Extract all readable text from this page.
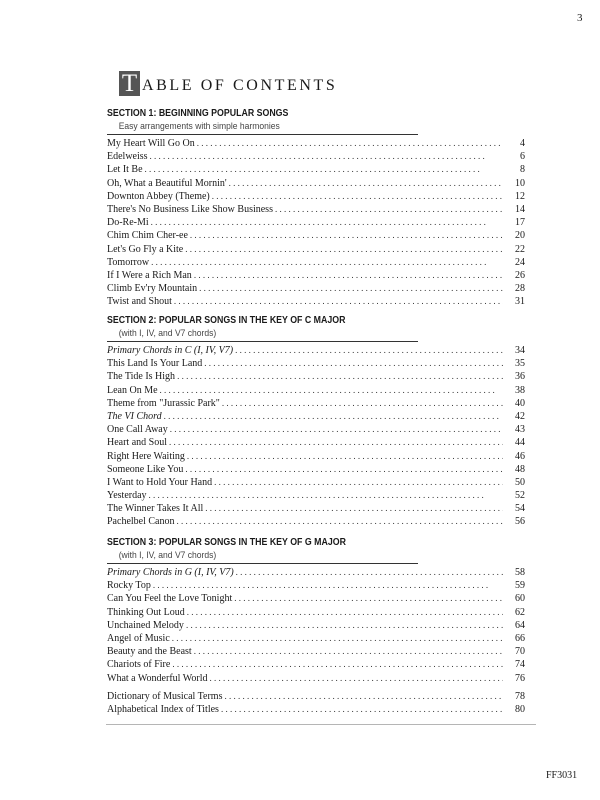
3
T ABLE OF CONTENTS
SECTION 1: BEGINNING POPULAR SONGS
Easy arrangements with simple harmonies
My Heart Will Go On . . .	4
Edelweiss . . .	6
Let It Be . . .	8
Oh, What a Beautiful Mornin' . . .	10
Downton Abbey (Theme) . . .	12
There's No Business Like Show Business . . .	14
Do-Re-Mi . . .	17
Chim Chim Cher-ee . . .	20
Let's Go Fly a Kite . . .	22
Tomorrow . . .	24
If I Were a Rich Man . . .	26
Climb Ev'ry Mountain . . .	28
Twist and Shout . . .	31
SECTION 2: POPULAR SONGS IN THE KEY OF C MAJOR
(with I, IV, and V7 chords)
Primary Chords in C (I, IV, V7) . . .	34
This Land Is Your Land . . .	35
The Tide Is High . . .	36
Lean On Me . . .	38
Theme from "Jurassic Park" . . .	40
The VI Chord . . .	42
One Call Away . . .	43
Heart and Soul . . .	44
Right Here Waiting . . .	46
Someone Like You . . .	48
I Want to Hold Your Hand . . .	50
Yesterday . . .	52
The Winner Takes It All . . .	54
Pachelbel Canon . . .	56
SECTION 3: POPULAR SONGS IN THE KEY OF G MAJOR
(with I, IV, and V7 chords)
Primary Chords in G (I, IV, V7) . . .	58
Rocky Top . . .	59
Can You Feel the Love Tonight . . .	60
Thinking Out Loud . . .	62
Unchained Melody . . .	64
Angel of Music . . .	66
Beauty and the Beast . . .	70
Chariots of Fire . . .	74
What a Wonderful World . . .	76
Dictionary of Musical Terms . . .	78
Alphabetical Index of Titles . . .	80
FF3031
